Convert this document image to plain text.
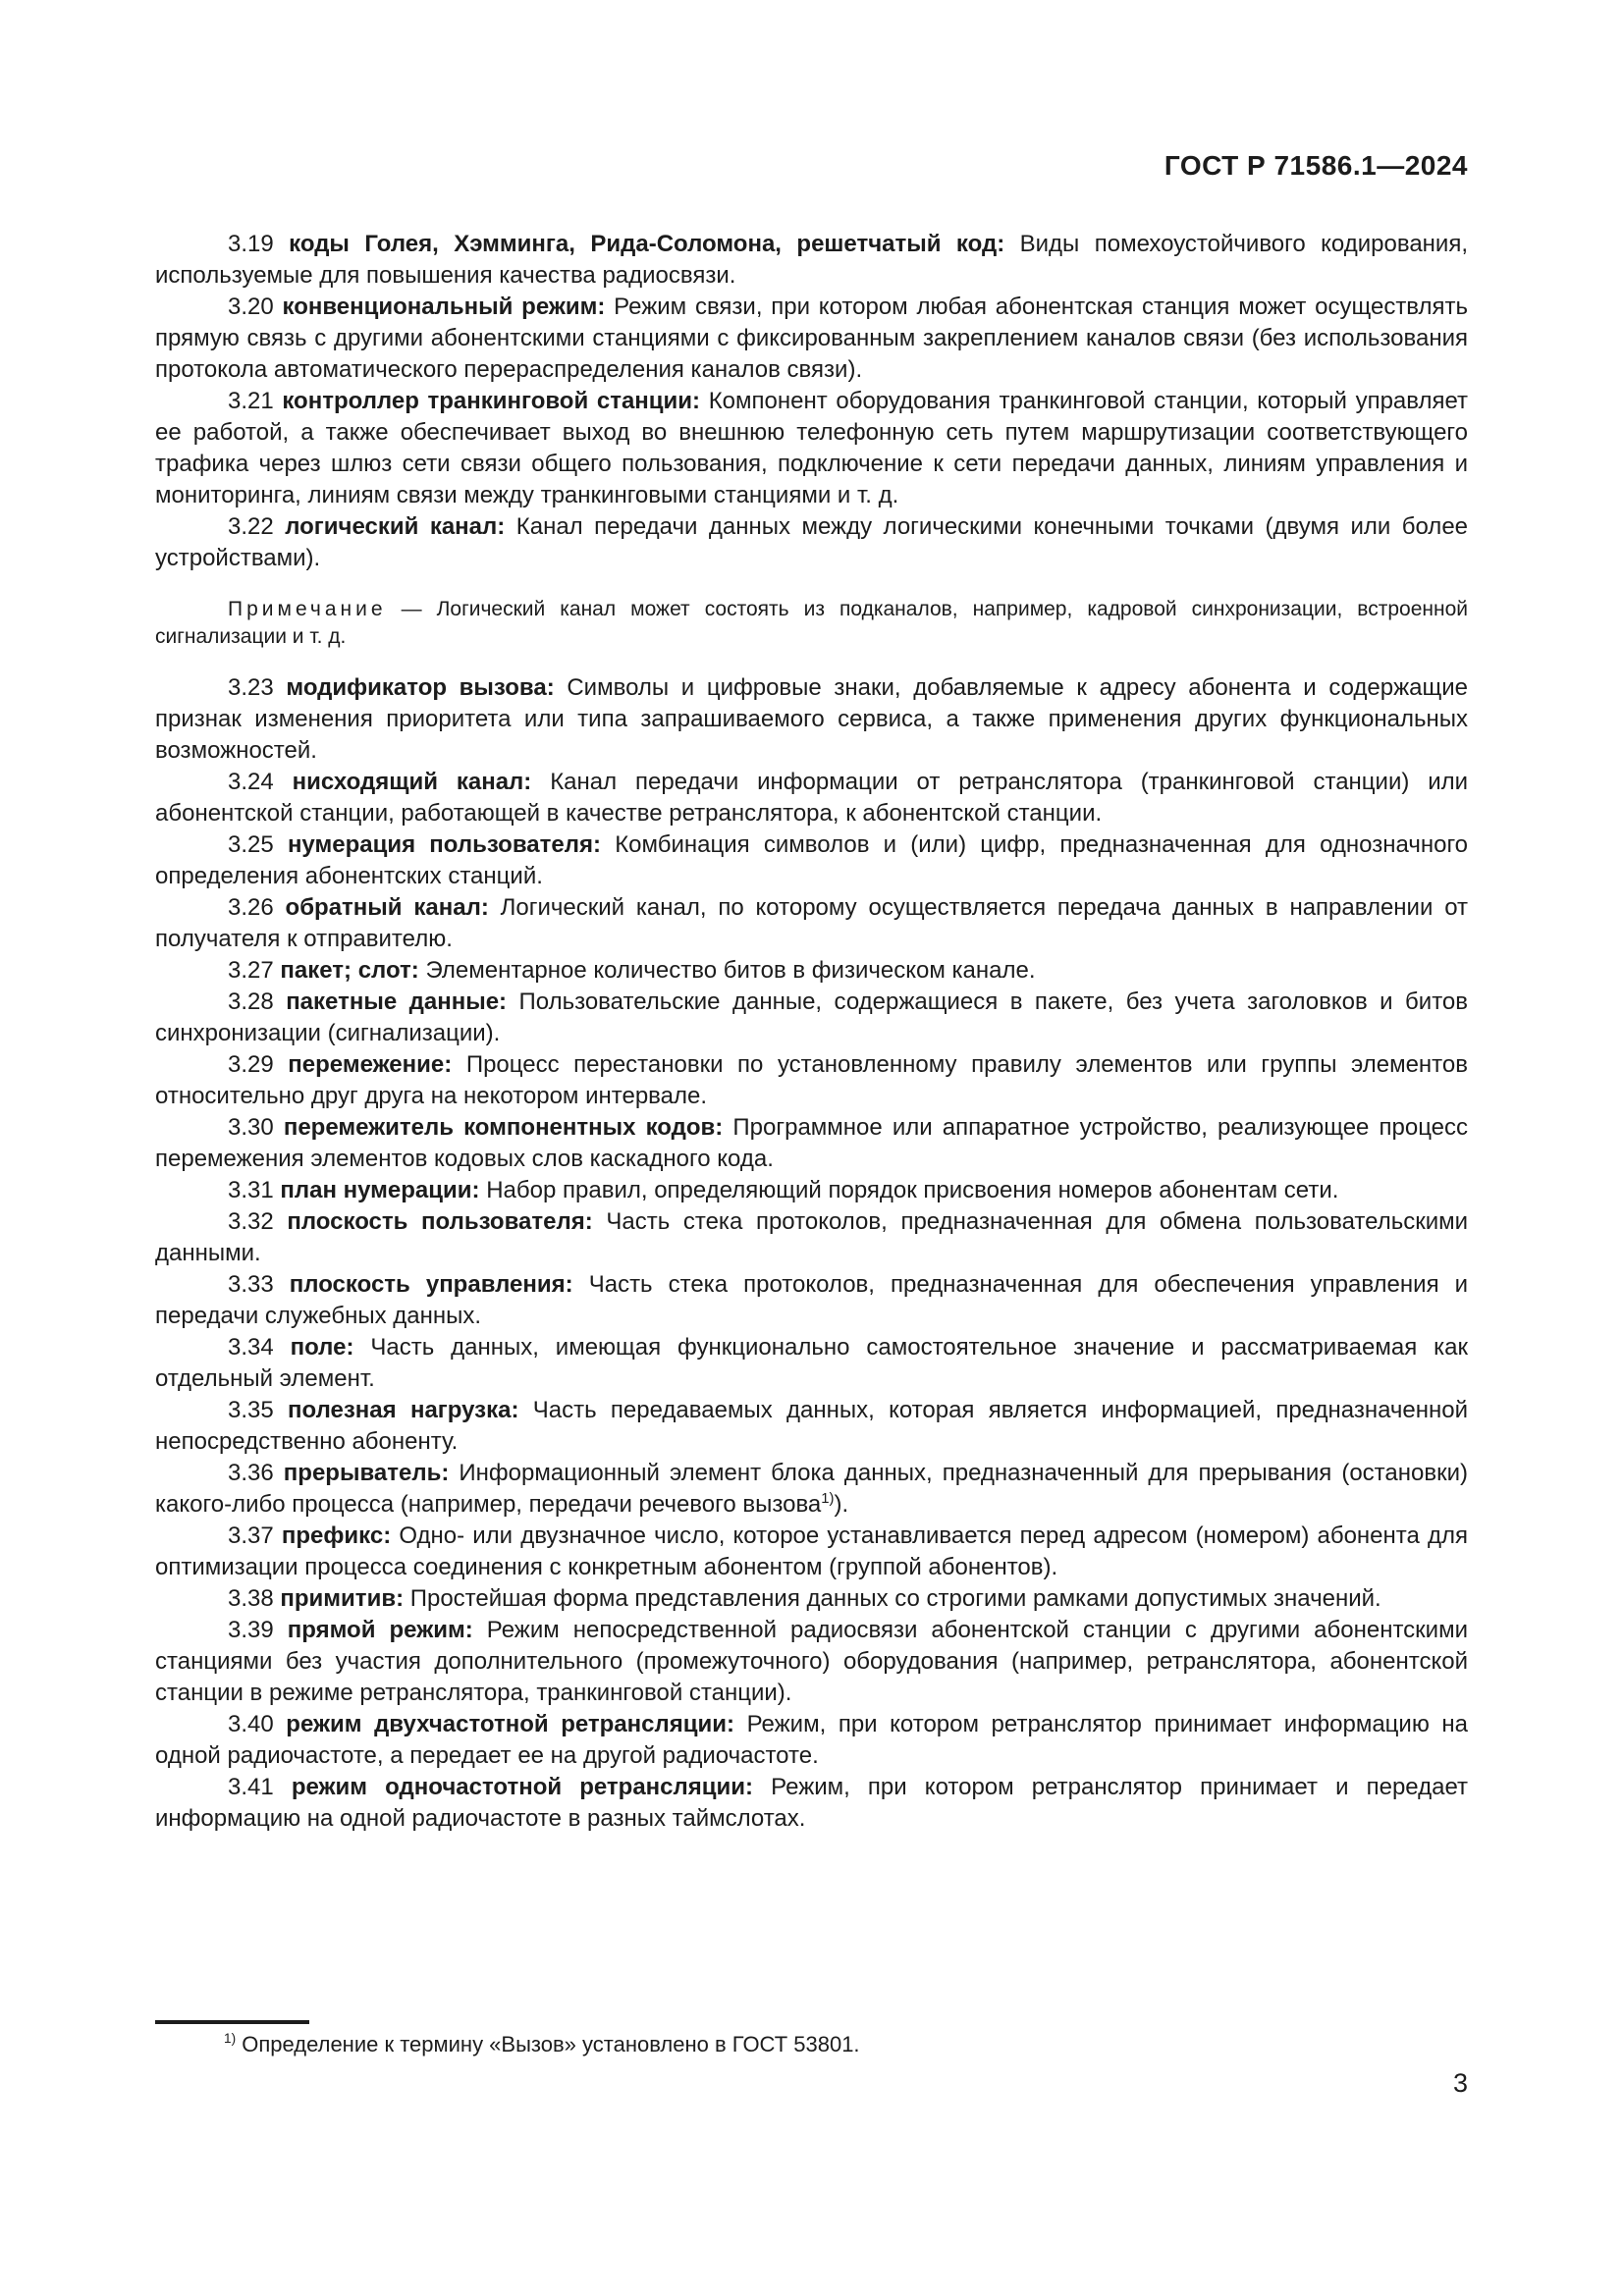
ГОСТ Р 71586.1—2024

3.19 коды Голея, Хэмминга, Рида-Соломона, решетчатый код: Виды помехоустойчивого кодирования, используемые для повышения качества радиосвязи.

3.20 конвенциональный режим: Режим связи, при котором любая абонентская станция может осуществлять прямую связь с другими абонентскими станциями с фиксированным закреплением каналов связи (без использования протокола автоматического перераспределения каналов связи).

3.21 контроллер транкинговой станции: Компонент оборудования транкинговой станции, который управляет ее работой, а также обеспечивает выход во внешнюю телефонную сеть путем маршрутизации соответствующего трафика через шлюз сети связи общего пользования, подключение к сети передачи данных, линиям управления и мониторинга, линиям связи между транкинговыми станциями и т. д.

3.22 логический канал: Канал передачи данных между логическими конечными точками (двумя или более устройствами).

Примечание — Логический канал может состоять из подканалов, например, кадровой синхронизации, встроенной сигнализации и т. д.

3.23 модификатор вызова: Символы и цифровые знаки, добавляемые к адресу абонента и содержащие признак изменения приоритета или типа запрашиваемого сервиса, а также применения других функциональных возможностей.

3.24 нисходящий канал: Канал передачи информации от ретранслятора (транкинговой станции) или абонентской станции, работающей в качестве ретранслятора, к абонентской станции.

3.25 нумерация пользователя: Комбинация символов и (или) цифр, предназначенная для однозначного определения абонентских станций.

3.26 обратный канал: Логический канал, по которому осуществляется передача данных в направлении от получателя к отправителю.

3.27 пакет; слот: Элементарное количество битов в физическом канале.

3.28 пакетные данные: Пользовательские данные, содержащиеся в пакете, без учета заголовков и битов синхронизации (сигнализации).

3.29 перемежение: Процесс перестановки по установленному правилу элементов или группы элементов относительно друг друга на некотором интервале.

3.30 перемежитель компонентных кодов: Программное или аппаратное устройство, реализующее процесс перемежения элементов кодовых слов каскадного кода.

3.31 план нумерации: Набор правил, определяющий порядок присвоения номеров абонентам сети.

3.32 плоскость пользователя: Часть стека протоколов, предназначенная для обмена пользовательскими данными.

3.33 плоскость управления: Часть стека протоколов, предназначенная для обеспечения управления и передачи служебных данных.

3.34 поле: Часть данных, имеющая функционально самостоятельное значение и рассматриваемая как отдельный элемент.

3.35 полезная нагрузка: Часть передаваемых данных, которая является информацией, предназначенной непосредственно абоненту.

3.36 прерыватель: Информационный элемент блока данных, предназначенный для прерывания (остановки) какого-либо процесса (например, передачи речевого вызова$^{1)}$).

3.37 префикс: Одно- или двузначное число, которое устанавливается перед адресом (номером) абонента для оптимизации процесса соединения с конкретным абонентом (группой абонентов).

3.38 примитив: Простейшая форма представления данных со строгими рамками допустимых значений.

3.39 прямой режим: Режим непосредственной радиосвязи абонентской станции с другими абонентскими станциями без участия дополнительного (промежуточного) оборудования (например, ретранслятора, абонентской станции в режиме ретранслятора, транкинговой станции).

3.40 режим двухчастотной ретрансляции: Режим, при котором ретранслятор принимает информацию на одной радиочастоте, а передает ее на другой радиочастоте.

3.41 режим одночастотной ретрансляции: Режим, при котором ретранслятор принимает и передает информацию на одной радиочастоте в разных таймслотах.

$^{1)}$ Определение к термину «Вызов» установлено в ГОСТ 53801.

3
